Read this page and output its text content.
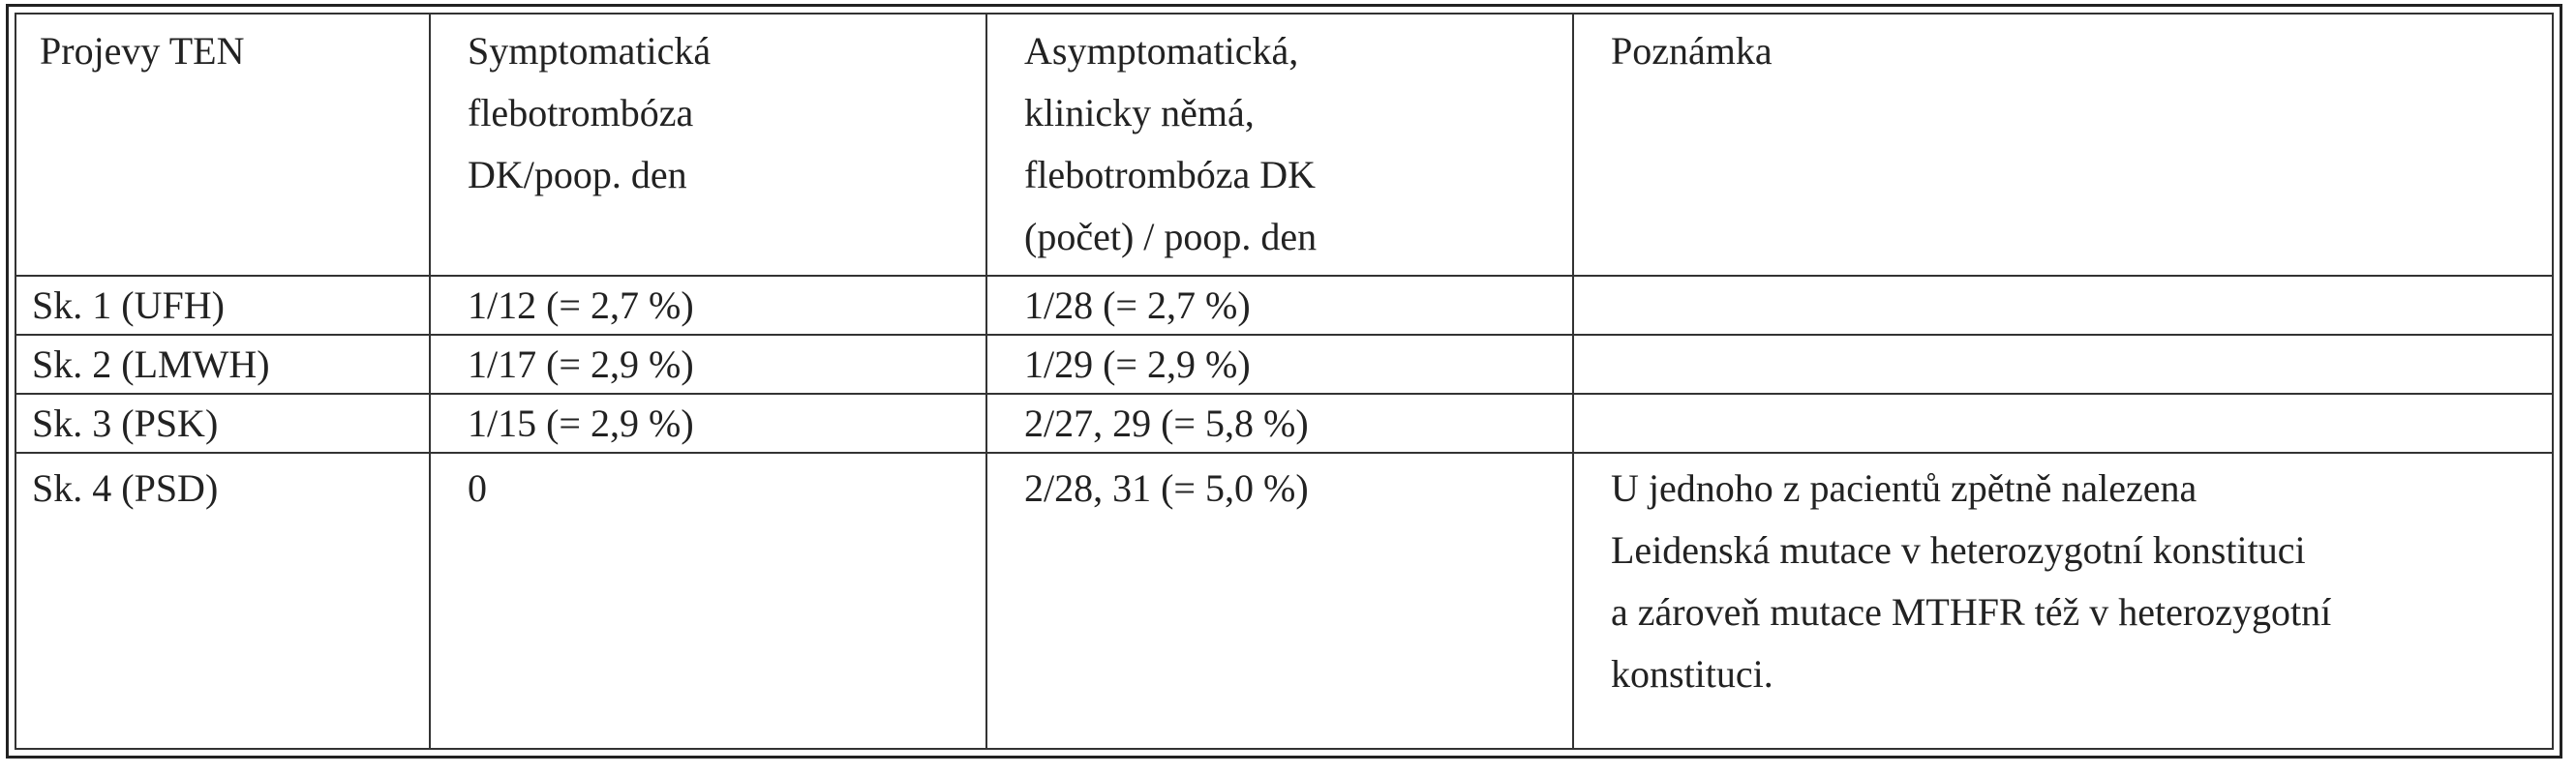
Projevy TEN	Symptomatická
flebotrombóza
DK/poop. den	Asymptomatická,
klinicky němá,
flebotrombóza DK
(počet) / poop. den	Poznámka
Sk. 1 (UFH)	1/12 (= 2,7 %)	1/28 (= 2,7 %)	
Sk. 2 (LMWH)	1/17 (= 2,9 %)	1/29 (= 2,9 %)	
Sk. 3 (PSK)	1/15 (= 2,9 %)	2/27, 29 (= 5,8 %)	
Sk. 4 (PSD)	0	2/28, 31 (= 5,0 %)	U jednoho z pacientů zpětně nalezena
Leidenská mutace v heterozygotní konstituci
a zároveň mutace MTHFR též v heterozygotní
konstituci.
